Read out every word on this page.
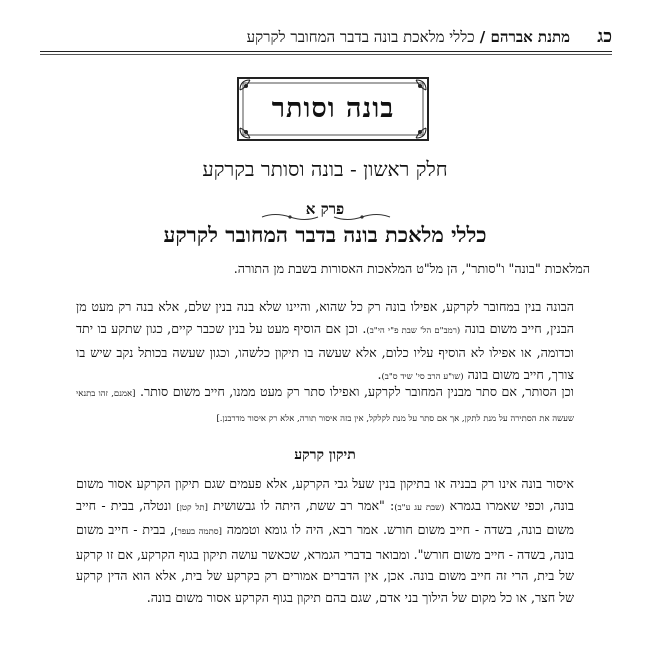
כג
מתנת אברהם / כללי מלאכת בונה בדבר המחובר לקרקע
בונה וסותר
חלק ראשון - בונה וסותר בקרקע
פרק א
כללי מלאכת בונה בדבר המחובר לקרקע
המלאכות "בונה" ו"סותר", הן מל"ט המלאכות האסורות בשבת מן התורה.
הבונה בנין במחובר לקרקע, אפילו בונה רק כל שהוא, והיינו שלא בנה בנין שלם, אלא בנה רק מעט מן הבנין, חייב משום בונה (רמב"ם הל' שבת פ"י הי"ב). וכן אם הוסיף מעט על בנין שכבר קיים, כגון שתקע בו יתד וכדומה, או אפילו לא הוסיף עליו כלום, אלא שעשה בו תיקון כלשהו, וכגון שעשה בכותל נקב שיש בו צורך, חייב משום בונה (שו"ע הרב סי' שיד ס"ב).
וכן הסותר, אם סתר מבנין המחובר לקרקע, ואפילו סתר רק מעט ממנו, חייב משום סותר. [אמנם, זהו בתנאי שעשה את הסתירה על מנת לתקן, אך אם סתר על מנת לקלקל, אין בזה איסור תורה, אלא רק איסור מדרבנן.]
תיקון קרקע
איסור בונה אינו רק בבניה או בתיקון בנין שעל גבי הקרקע, אלא פעמים שגם תיקון הקרקע אסור משום בונה, וכפי שאמרו בגמרא (שבת עג ע"ב): "אמר רב ששת, היתה לו גבשושית [תל קטן] ונטלה, בבית - חייב משום בונה, בשדה - חייב משום חורש. אמר רבא, היה לו גומא וטממה [סתמה בעפר], בבית - חייב משום בונה, בשדה - חייב משום חורש". ומבואר בדברי הגמרא, שכאשר עושה תיקון בגוף הקרקע, אם זו קרקע של בית, הרי זה חייב משום בונה. אכן, אין הדברים אמורים רק בקרקע של בית, אלא הוא הדין קרקע של חצר, או כל מקום של הילוך בני אדם, שגם בהם תיקון בגוף הקרקע אסור משום בונה.
